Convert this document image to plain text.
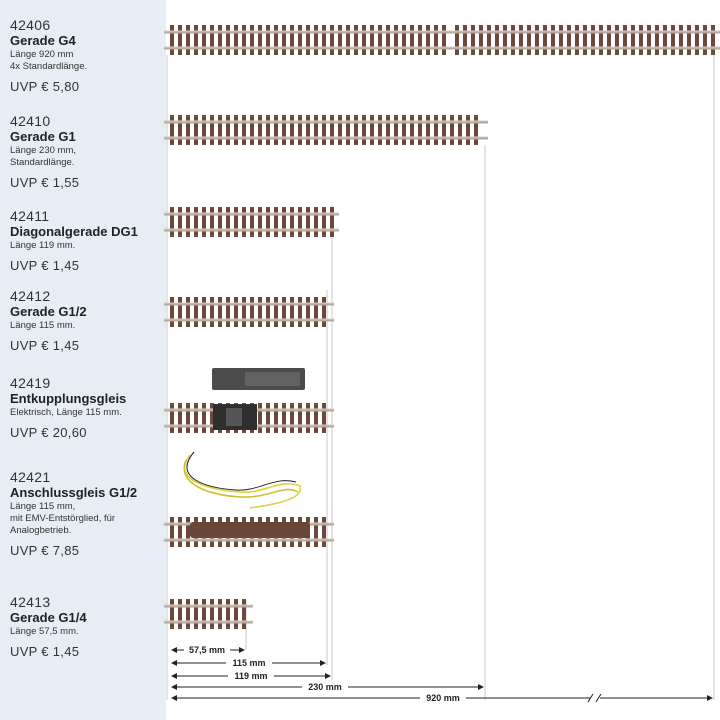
42406
Gerade G4
Länge 920 mm
4x Standardlänge.
UVP € 5,80
42410
Gerade G1
Länge 230 mm,
Standardlänge.
UVP € 1,55
42411
Diagonalgerade DG1
Länge 119 mm.
UVP € 1,45
42412
Gerade G1/2
Länge 115 mm.
UVP € 1,45
42419
Entkupplungsgleis
Elektrisch, Länge 115 mm.
UVP € 20,60
42421
Anschlussgleis G1/2
Länge 115 mm,
mit EMV-Entstörglied, für
Analogbetrieb.
UVP € 7,85
42413
Gerade G1/4
Länge 57,5 mm.
UVP € 1,45	57,5 mm
115 mm
119 mm
230 mm
920 mm
